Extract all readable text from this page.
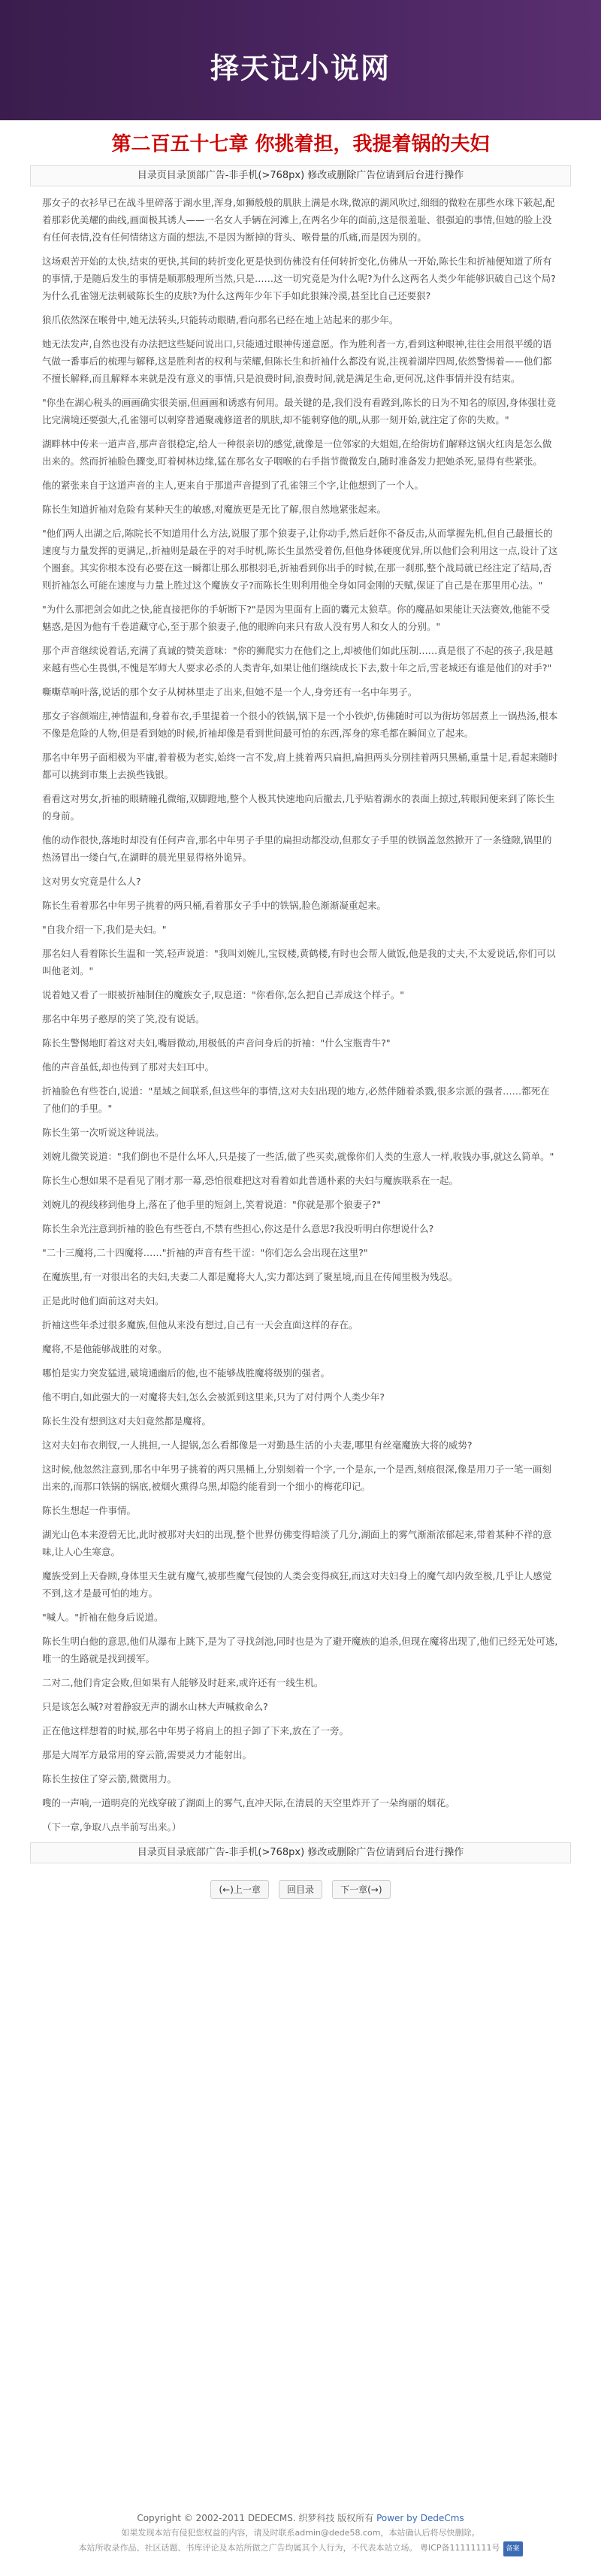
择天记小说网
第二百五十七章 你挑着担，我提着锅的夫妇
目录页目录顶部广告-非手机(>768px) 修改或删除广告位请到后台进行操作

那女子的衣衫早已在战斗里碎落于湖水里,浑身,如狮般般的肌肤上满是水珠,微凉的湖风吹过,细细的微粒在那些水珠下簌起,配着那彩优美耀的曲线,画面极其诱人——一名女人手辆在河滩上,在两名少年的面前,这是很羞耻、很强迫的事情,但她的脸上没有任何表情,没有任何情绪这方面的想法,不是因为断掉的背头、喉骨量的爪痛,而是因为别的。

这场艰苦开始的太快,结束的更快,其间的转折变化更是快到仿佛没有任何转折变化,仿佛从一开始,陈长生和折袖便知道了所有的事情,于是随后发生的事情是顺那般理所当然,只是……这一切究竟是为什么呢?为什么这两名人类少年能够识破自己这个局?为什么孔雀翎无法刺破陈长生的皮肤?为什么这两年少年下手如此狠辣冷漠,甚至比自己还要狠?

狼爪依然深在喉骨中,她无法转头,只能转动眼睛,看向那名已经在地上站起来的那少年。

她无法发声,自然也没有办法把这些疑问说出口,只能通过眼神传递意愿。作为胜利者一方,看到这种眼神,往往会用很平缓的语气做一番事后的梳理与解释,这是胜利者的权利与荣耀,但陈长生和折袖什么都没有说,注视着湖岸四周,依然警惕着——他们都不擅长解释,而且解释本来就是没有意义的事情,只是浪费时间,浪费时间,就是满足生命,更何况,这件事情并没有结束。

"你坐在湖心税头的画画确实很美丽,但画画和诱惑有何用。最关键的是,我们没有看蹚到,陈长的日为不知名的原因,身体强壮竟比完满境还要强大,孔雀翎可以刺穿普通聚魂修道者的肌肤,却不能刺穿他的肌,从那一刻开始,就注定了你的失败。"

湖畔林中传来一道声音,那声音很稳定,给人一种很亲切的感觉,就像是一位邻家的大姐姐,在给街坊们解释这锅火红肉是怎么做出来的。然而折袖脸色骤变,盯着树林边缘,猛在那名女子咽喉的右手指节微微发白,随时准备发力把她杀死,显得有些紧张。

他的紧张来自于这道声音的主人,更来自于那道声音提到了孔雀翎三个字,让他想到了一个人。

陈长生知道折袖对危险有某种天生的敏感,对魔族更是无比了解,很自然地紧张起来。

"他们两人出湖之后,陈院长不知道用什么方法,说服了那个狼妻子,让你动手,然后赶你不备反击,从而掌握先机,但自己最擅长的速度与力量发挥的更满足,,折袖则是最在乎的对手时机,陈长生虽然受着伤,但他身体硬度优异,所以他们会利用这一点,设计了这个圈套。其实你根本没有必要在这一瞬都让那么那根羽毛,折袖看到你出手的时候,在那一刹那,整个战局就已经注定了结局,否则折袖怎么可能在速度与力量上胜过这个魔族女子?而陈长生则利用他全身如同金刚的天赋,保证了自己是在那里用心法。"

"为什么那把剑会如此之快,能直接把你的手斩断下?"是因为里面有上面的囊元太狼草。你的魔晶如果能让天法赛效,他能不受魅惑,是因为他有千卷道藏守心,至于那个狼妻子,他的眼眸向来只有敌人没有男人和女人的分别。"

那个声音继续说着话,充满了真诚的赞美意味："你的狮爬实力在他们之上,却被他们如此压制……真是很了不起的孩子,我是越来越有些心生畏惧,不愧是军师大人要求必杀的人类青年,如果让他们继续成长下去,数十年之后,雪老城还有谁是他们的对手?"

嘶嘶草响叶落,说话的那个女子从树林里走了出来,但她不是一个人,身旁还有一名中年男子。

那女子容颜端庄,神情温和,身着布衣,手里提着一个很小的铁锅,锅下是一个小铁炉,仿佛随时可以为街坊邻居煮上一锅热汤,根本不像是危险的人物,但是看到她的时候,折袖却像是看到世间最可怕的东西,浑身的寒毛都在瞬间立了起来。

那名中年男子面相极为平庸,着着极为老实,始终一言不发,肩上挑着两只扁担,扁担两头分别挂着两只黑桶,重量十足,看起来随时都可以挑到市集上去换些钱银。

看看这对男女,折袖的眼睛瞳孔微缩,双脚蹬地,整个人极其快速地向后撤去,几乎贴着湖水的表面上掠过,转眼间便来到了陈长生的身前。

他的动作很快,落地时却没有任何声音,那名中年男子手里的扁担动都没动,但那女子手里的铁锅盖忽然掀开了一条缝隙,锅里的热汤冒出一缕白气,在湖畔的晨光里显得格外诡异。

这对男女究竟是什么人?

陈长生看着那名中年男子挑着的两只桶,看着那女子手中的铁锅,脸色渐渐凝重起来。

"自我介绍一下,我们是夫妇。"

那名妇人看着陈长生温和一笑,轻声说道："我叫刘婉儿,宝钗楼,黄鹤楼,有时也会帮人做饭,他是我的丈夫,不太爱说话,你们可以叫他老刘。"

说着她又看了一眼被折袖制住的魔族女子,叹息道："你看你,怎么把自己弄成这个样子。"

那名中年男子憨厚的笑了笑,没有说话。

陈长生警惕地盯着这对夫妇,嘴唇微动,用极低的声音问身后的折袖："什么宝瓶青牛?"

他的声音虽低,却也传到了那对夫妇耳中。

折袖脸色有些苍白,说道："星域之间联系,但这些年的事情,这对夫妇出现的地方,必然伴随着杀戮,很多宗派的强者……都死在了他们的手里。"

陈长生第一次听说这种说法。

刘婉儿微笑说道："我们倒也不是什么坏人,只是接了一些活,做了些买卖,就像你们人类的生意人一样,收钱办事,就这么简单。"

陈长生心想如果不是看见了刚才那一幕,恐怕很难把这对看着如此普通朴素的夫妇与魔族联系在一起。

刘婉儿的视线移到他身上,落在了他手里的短剑上,笑着说道："你就是那个狼妻子?"

陈长生余光注意到折袖的脸色有些苍白,不禁有些担心,你这是什么意思?我没听明白你想说什么?

"二十三魔将,二十四魔将……"折袖的声音有些干涩："你们怎么会出现在这里?"

在魔族里,有一对很出名的夫妇,夫妻二人都是魔将大人,实力都达到了聚星境,而且在传闻里极为残忍。

正是此时他们面前这对夫妇。

折袖这些年杀过很多魔族,但他从来没有想过,自己有一天会直面这样的存在。

魔将,不是他能够战胜的对象。

哪怕是实力突发猛进,破境通幽后的他,也不能够战胜魔将级别的强者。

他不明白,如此强大的一对魔将夫妇,怎么会被派到这里来,只为了对付两个人类少年?

陈长生没有想到这对夫妇竟然都是魔将。

这对夫妇布衣荆钗,一人挑担,一人提锅,怎么看都像是一对勤恳生活的小夫妻,哪里有丝毫魔族大将的威势?

这时候,他忽然注意到,那名中年男子挑着的两只黑桶上,分别刻着一个字,一个是东,一个是西,刻痕很深,像是用刀子一笔一画刻出来的,而那口铁锅的锅底,被烟火熏得乌黑,却隐约能看到一个细小的梅花印记。

陈长生想起一件事情。

湖光山色本来澄碧无比,此时被那对夫妇的出现,整个世界仿佛变得暗淡了几分,湖面上的雾气渐渐浓郁起来,带着某种不祥的意味,让人心生寒意。

魔族受到上天眷顾,身体里天生就有魔气,被那些魔气侵蚀的人类会变得疯狂,而这对夫妇身上的魔气却内敛至极,几乎让人感觉不到,这才是最可怕的地方。

"喊人。"折袖在他身后说道。

陈长生明白他的意思,他们从瀑布上跳下,是为了寻找剑池,同时也是为了避开魔族的追杀,但现在魔将出现了,他们已经无处可逃,唯一的生路就是找到援军。

二对二,他们肯定会败,但如果有人能够及时赶来,或许还有一线生机。

只是该怎么喊?对着静寂无声的湖水山林大声喊救命么?

正在他这样想着的时候,那名中年男子将肩上的担子卸了下来,放在了一旁。

那是大周军方最常用的穿云箭,需要灵力才能射出。

陈长生按住了穿云箭,微微用力。

嗖的一声响,一道明亮的光线穿破了湖面上的雾气,直冲天际,在清晨的天空里炸开了一朵绚丽的烟花。

（下一章,争取八点半前写出来。）

目录页目录底部广告-非手机(>768px) 修改或删除广告位请到后台进行操作
(←)上一章	回目录	下一章(→)
Copyright © 2002-2011 DEDECMS. 织梦科技 版权所有 Power by DedeCms
如果发现本站有侵犯您权益的内容，请及时联系admin@dede58.com，本站确认后将尽快删除。
本站所收录作品、社区话题、书库评论及本站所做之广告均属其个人行为，不代表本站立场。 粤ICP备11111111号 备案
